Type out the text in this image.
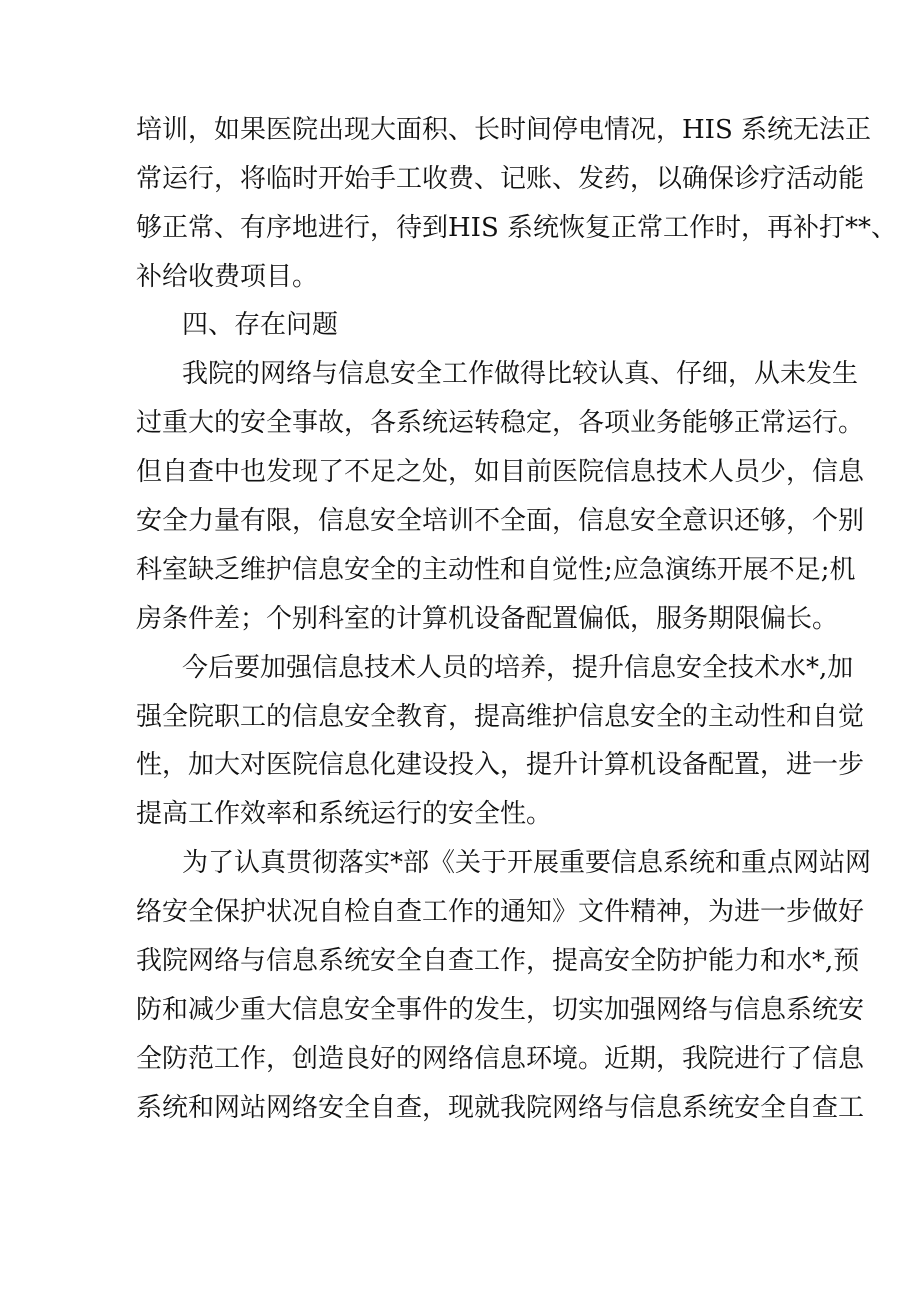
培训，如果医院出现大面积、长时间停电情况，HIS 系统无法正
常运行，将临时开始手工收费、记账、发药，以确保诊疗活动能
够正常、有序地进行，待到HIS 系统恢复正常工作时，再补打**、
补给收费项目。
四、存在问题
我院的网络与信息安全工作做得比较认真、仔细，从未发生
过重大的安全事故，各系统运转稳定，各项业务能够正常运行。
但自查中也发现了不足之处，如目前医院信息技术人员少，信息
安全力量有限，信息安全培训不全面，信息安全意识还够，个别
科室缺乏维护信息安全的主动性和自觉性;应急演练开展不足;机
房条件差；个别科室的计算机设备配置偏低，服务期限偏长。
今后要加强信息技术人员的培养，提升信息安全技术水*,加
强全院职工的信息安全教育，提高维护信息安全的主动性和自觉
性，加大对医院信息化建设投入，提升计算机设备配置，进一步
提高工作效率和系统运行的安全性。
为了认真贯彻落实*部《关于开展重要信息系统和重点网站网
络安全保护状况自检自查工作的通知》文件精神，为进一步做好
我院网络与信息系统安全自查工作，提高安全防护能力和水*,预
防和减少重大信息安全事件的发生，切实加强网络与信息系统安
全防范工作，创造良好的网络信息环境。近期，我院进行了信息
系统和网站网络安全自查，现就我院网络与信息系统安全自查工
